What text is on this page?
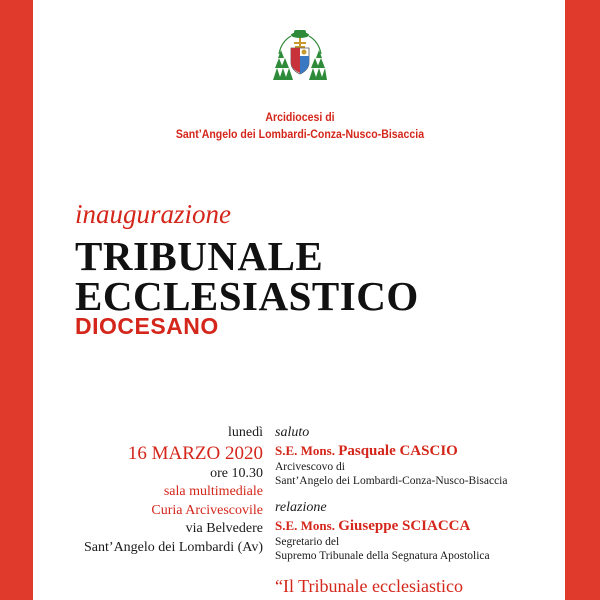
Arcidiocesi di
Sant’Angelo dei Lombardi-Conza-Nusco-Bisaccia
inaugurazione
TRIBUNALE
ECCLESIASTICO
DIOCESANO
lunedì
16 MARZO 2020
ore 10.30
sala multimediale
Curia Arcivescovile
via Belvedere
Sant’Angelo dei Lombardi (Av)
saluto
S.E. Mons. Pasquale CASCIO
Arcivescovo di
Sant’Angelo dei Lombardi-Conza-Nusco-Bisaccia
relazione
S.E. Mons. Giuseppe SCIACCA
Segretario del
Supremo Tribunale della Segnatura Apostolica
“Il Tribunale ecclesiastico
